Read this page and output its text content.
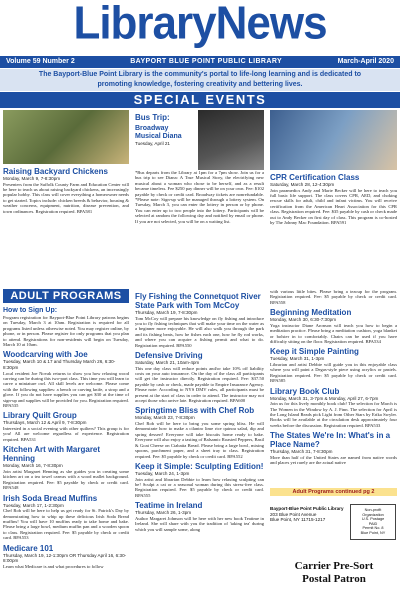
LibraryNews
Volume 59 Number 2	BAYPORT BLUE POINT PUBLIC LIBRARY	March-April 2020
The Bayport-Blue Point Library is the community's portal to life-long learning and is dedicated to
promoting knowledge, fostering creativity and bettering lives.
SPECIAL EVENTS
Raising Backyard Chickens
Monday, March 9, 7-8:30pm
Presenters from the Suffolk County Farm and Education Center will be here to teach us about raising backyard chickens, an increasingly popular hobby. This class will cover everything a homeowner needs to get started. Topics include: chicken breeds & behavior, housing & weather concerns, equipment, nutrition, disease prevention, and town ordinances. Registration required. BPA581
ADULT PROGRAMS
How to Sign Up:
Program registration for Bayport-Blue Point Library patrons begins on Tuesday, March 3 at 10am. Registration is required for all programs listed unless otherwise noted. You may register online, by phone, or in person. Please register for only programs that you plan to attend. Registrations for non-residents will begin on Tuesday, March 10 at 10am.
Woodcarving with Joe
Tuesday, March 10 & 17 and Thursday March 26, 6:30-8:30pm
Local resident Joe Novak returns to show you how relaxing wood carving can be during this two-part class. This time you will learn to carve a miniature owl. All skill levels are welcome. Please come with the following supplies: a bench or carving knife, a strop and a glove. If you do not have supplies you can get $30 at the time of sign-up and supplies will be provided for you. Registration required. BPA535
Library Quilt Group
Thursdays, March 12 & April 9, 7-8:30pm
Interested in a social evening with other quilters? This group is for you! All are welcome regardless of experience. Registration required. BPA531
Kitchen Art with Margaret Henning
Monday, March 16, 7-8:30pm
Join artist Margaret Henning as she guides you in creating some kitchen art on a tea towel canvas with a wood mallet background. Registration required. Fee: $5 payable by check or credit card. BPA548
Irish Soda Bread Muffins
Tuesday, March 17, 1-2:30pm
Chef Rob will be here to help us get ready for St. Patrick's Day by demonstrating how to whip up these delicious Irish Soda Bread muffins! You will have 10 muffins ready to take home and bake. Please bring a large bowl, medium muffin pan and a wooden spoon to class. Registration required. Fee: $5 payable by check or credit card. BPA553
Medicare 101
Thursday, March 19, 12-1:30pm OR Thursday April 16, 6:30-8:00pm
Learn what Medicare is and what procedures to follow
Bus Trip:
Broadway Musical Diana
Tuesday, April 21
*Bus departs from the Library at 1pm for a 7pm show. Join us for a bus trip to see Diana: A True Musical Story, the electrifying new musical about a woman who chose to be herself, and as a result became timeless. Fee $250 pay dinner will be on your own. Fee: $102 payable by check or credit card. Broadway tickets are nonrefundable. *Please note: Sign-up will be managed through a lottery system. On Tuesday, March 3, you can enter the lottery in person or by phone. You can enter up to two people into the lottery. Participants will be selected at random the following day and notified by email or phone. If you are not selected, you will be on a waiting list.
Fly Fishing the Connetquot River State Park with Tom McCoy
Thursday, March 19, 7-8:30pm
Tom McCoy will prepare his knowledge on fly fishing and introduce you to fly fishing techniques that will make your time on the water as a beginner more enjoyable. He will also walk you through the park and its fishing beats, how he fishes each one, how he fly rod works, and where you can acquire a fishing permit and what to do. Registration required. BPA550
Defensive Driving
Saturday, March 21, 10am-4pm
This one day class will reduce points and/or take 10% off liability costs on your auto insurance. On the day of the class all participants will get the instructor directly. Registration required. Fee: $37.50 payable by cash or check, made payable to Empire Insurance Agency. Please note: According to NYS DMV rules, all participants must be present at the start of class in order to attend. The instructor may not accept those who arrive late. Registration required. BPA600
Springtime Bliss with Chef Rob
Monday, March 23, 7-8:30pm
Chef Rob will be here to bring you some spring bliss. He will demonstrate how to make a cilantro lime rice quinoa salad, dip and spring dessert! Everyone will take biscuits home ready to bake. Everyone will also enjoy a tasting of Balsamic Roasted Peppers, Basil & Goat Cheese on Ciabatta Bread. Please bring a large bowl, mixing spoons, parchment paper, and a sheet tray to class. Registration required. Fee: $5 payable by check or credit card. BPA552
Keep it Simple: Sculpting Edition!
Tuesday, March 24, 1-3pm
Join artist and librarian Debbie to learn how relaxing sculpting can be! Sculpt a cat or a seasonal woman during this stress-free class. Registration required. Fee: $5 payable by check or credit card. BPA555
Teatime in Ireland
Thursday, March 26, 1-3pm
Author Margaret Johnson will be here with her new book Teatime in Ireland. She will share with you the tradition of 'taking tea' during which you will sample some, along
CPR Certification Class
Saturday, March 28, 12-4:30pm
Join paramedics Andy and Marie Becker will be here to teach you full basic life support. The class covers CPR, AED, and choking rescue skills for adult, child and infant victims. You will receive certification from the American Heart Association for this CPR class. Registration required. Fee: $35 payable by cash or check made out to Andy Becker on first day of class. This program is co-hosted by The Johnny Mac Foundation. BPA591
with various little bites. Please bring a teacup for the program. Registration required. Fee: $5 payable by check or credit card. BPA558
Beginning Meditation
Monday, March 30, 6:30-7:30pm
Yoga instructor Diane Aronson will teach you how to begin a meditation practice. Please bring a meditation cushion, yoga blanket or bolster in to comfortably. Chairs can be used if you have difficulty sitting on the floor. Registration required. BPA534
Keep it Simple Painting
Tuesday, March 31, 1-3pm
Librarian and artist Debbie will guide you in this enjoyable class where you will paint a Degas-style piece using acrylics or pastels. Registration required. Fee: $5 payable by check or credit card. BPA585
Library Book Club
Monday, March 31, 3-7pm & Monday, April 27, 6-7pm
Join us for this lively monthly book club! The selection for March is The Women in the Window by A. J. Finn. The selection for April is the Long Island Reads pick Light from Other Stars by Erika Swyler. Books will be available at the circulation desk approximately four weeks before the discussion. Registration required. BPA533
The States We're In: What's in a Place Name?
Thursday, March 31, 7-8:30pm
More than half of the United States are named from native words and places yet rarely are the actual native
Adult Programs continued pg 2
Bayport-Blue Point Public Library
203 Blue Point Avenue
Blue Point, NY 11715-1217
Non-profit
Organization
U.S. Postage
PAID
Permit No. 8
Blue Point, NY
Carrier Pre-Sort
Postal Patron
